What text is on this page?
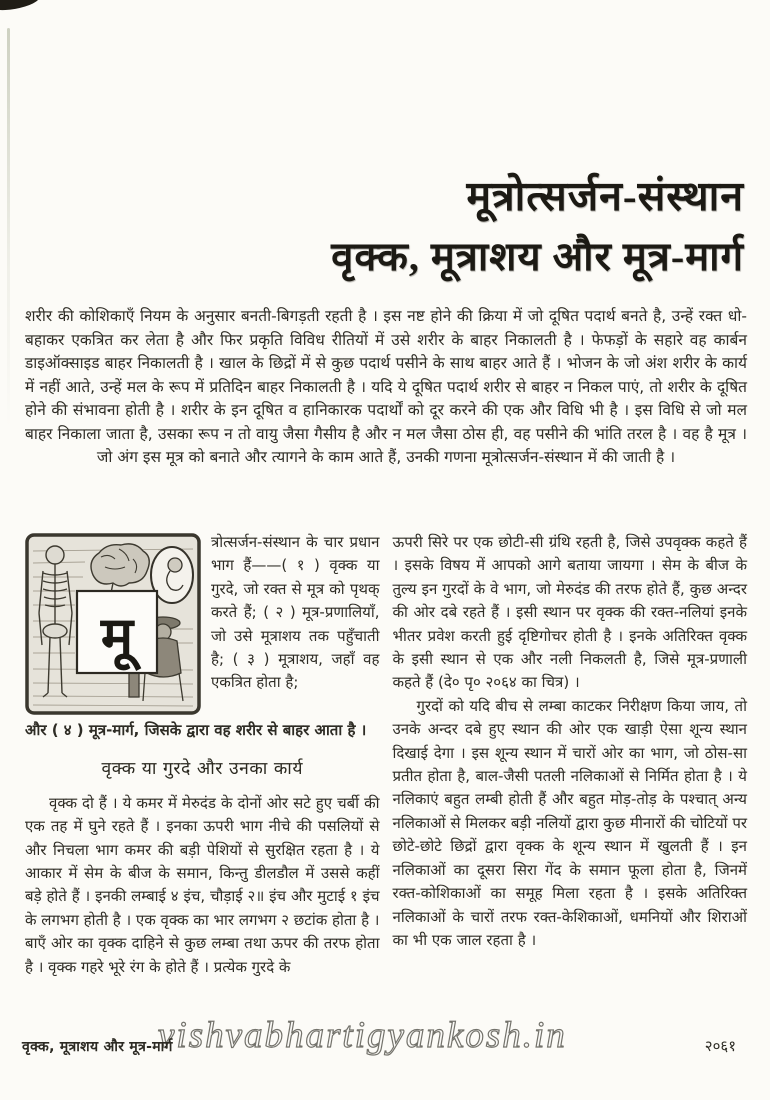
मूत्रोत्सर्जन-संस्थान
वृक्क, मूत्राशय और मूत्र-मार्ग
शरीर की कोशिकाएँ नियम के अनुसार बनती-बिगड़ती रहती है । इस नष्ट होने की क्रिया में जो दूषित पदार्थ बनते है, उन्हें रक्त धो-बहाकर एकत्रित कर लेता है और फिर प्रकृति विविध रीतियों में उसे शरीर के बाहर निकालती है । फेफड़ों के सहारे वह कार्बन डाइऑक्साइड बाहर निकालती है । खाल के छिद्रों में से कुछ पदार्थ पसीने के साथ बाहर आते हैं । भोजन के जो अंश शरीर के कार्य में नहीं आते, उन्हें मल के रूप में प्रतिदिन बाहर निकालती है । यदि ये दूषित पदार्थ शरीर से बाहर न निकल पाएं, तो शरीर के दूषित होने की संभावना होती है । शरीर के इन दूषित व हानिकारक पदार्थों को दूर करने की एक और विधि भी है । इस विधि से जो मल बाहर निकाला जाता है, उसका रूप न तो वायु जैसा गैसीय है और न मल जैसा ठोस ही, वह पसीने की भांति तरल है । वह है मूत्र । जो अंग इस मूत्र को बनाते और त्यागने के काम आते हैं, उनकी गणना मूत्रोत्सर्जन-संस्थान में की जाती है ।
मू
त्रोत्सर्जन-संस्थान के चार प्रधान भाग हैं——( १ ) वृक्क या गुरदे, जो रक्त से मूत्र को पृथक् करते हैं; ( २ ) मूत्र-प्रणालियाँ, जो उसे मूत्राशय तक पहुँचाती है; ( ३ ) मूत्राशय, जहाँ वह एकत्रित होता है;

और ( ४ ) मूत्र-मार्ग, जिसके द्वारा वह शरीर से बाहर आता है ।

वृक्क या गुरदे और उनका कार्य

वृक्क दो हैं । ये कमर में मेरुदंड के दोनों ओर सटे हुए चर्बी की एक तह में घुने रहते हैं । इनका ऊपरी भाग नीचे की पसलियों से और निचला भाग कमर की बड़ी पेशियों से सुरक्षित रहता है । ये आकार में सेम के बीज के समान, किन्तु डीलडौल में उससे कहीं बड़े होते हैं । इनकी लम्बाई ४ इंच, चौड़ाई २॥ इंच और मुटाई १ इंच के लगभग होती है । एक वृक्क का भार लगभग २ छटांक होता है । बाएँ ओर का वृक्क दाहिने से कुछ लम्बा तथा ऊपर की तरफ होता है । वृक्क गहरे भूरे रंग के होते हैं । प्रत्येक गुरदे के

ऊपरी सिरे पर एक छोटी-सी ग्रंथि रहती है, जिसे उपवृक्क कहते हैं । इसके विषय में आपको आगे बताया जायगा । सेम के बीज के तुल्य इन गुरदों के वे भाग, जो मेरुदंड की तरफ होते हैं, कुछ अन्दर की ओर दबे रहते हैं । इसी स्थान पर वृक्क की रक्त-नलियां इनके भीतर प्रवेश करती हुई दृष्टिगोचर होती है । इनके अतिरिक्त वृक्क के इसी स्थान से एक और नली निकलती है, जिसे मूत्र-प्रणाली कहते हैं (दे० पृ० २०६४ का चित्र) ।

गुरदों को यदि बीच से लम्बा काटकर निरीक्षण किया जाय, तो उनके अन्दर दबे हुए स्थान की ओर एक खाड़ी ऐसा शून्य स्थान दिखाई देगा । इस शून्य स्थान में चारों ओर का भाग, जो ठोस-सा प्रतीत होता है, बाल-जैसी पतली नलिकाओं से निर्मित होता है । ये नलिकाएं बहुत लम्बी होती हैं और बहुत मोड़-तोड़ के पश्चात् अन्य नलिकाओं से मिलकर बड़ी नलियों द्वारा कुछ मीनारों की चोटियों पर छोटे-छोटे छिद्रों द्वारा वृक्क के शून्य स्थान में खुलती हैं । इन नलिकाओं का दूसरा सिरा गेंद के समान फूला होता है, जिनमें रक्त-कोशिकाओं का समूह मिला रहता है । इसके अतिरिक्त नलिकाओं के चारों तरफ रक्त-केशिकाओं, धमनियों और शिराओं का भी एक जाल रहता है ।

vishvabhartigyankosh.in
वृक्क, मूत्राशय और मूत्र-मार्ग	२०६१
